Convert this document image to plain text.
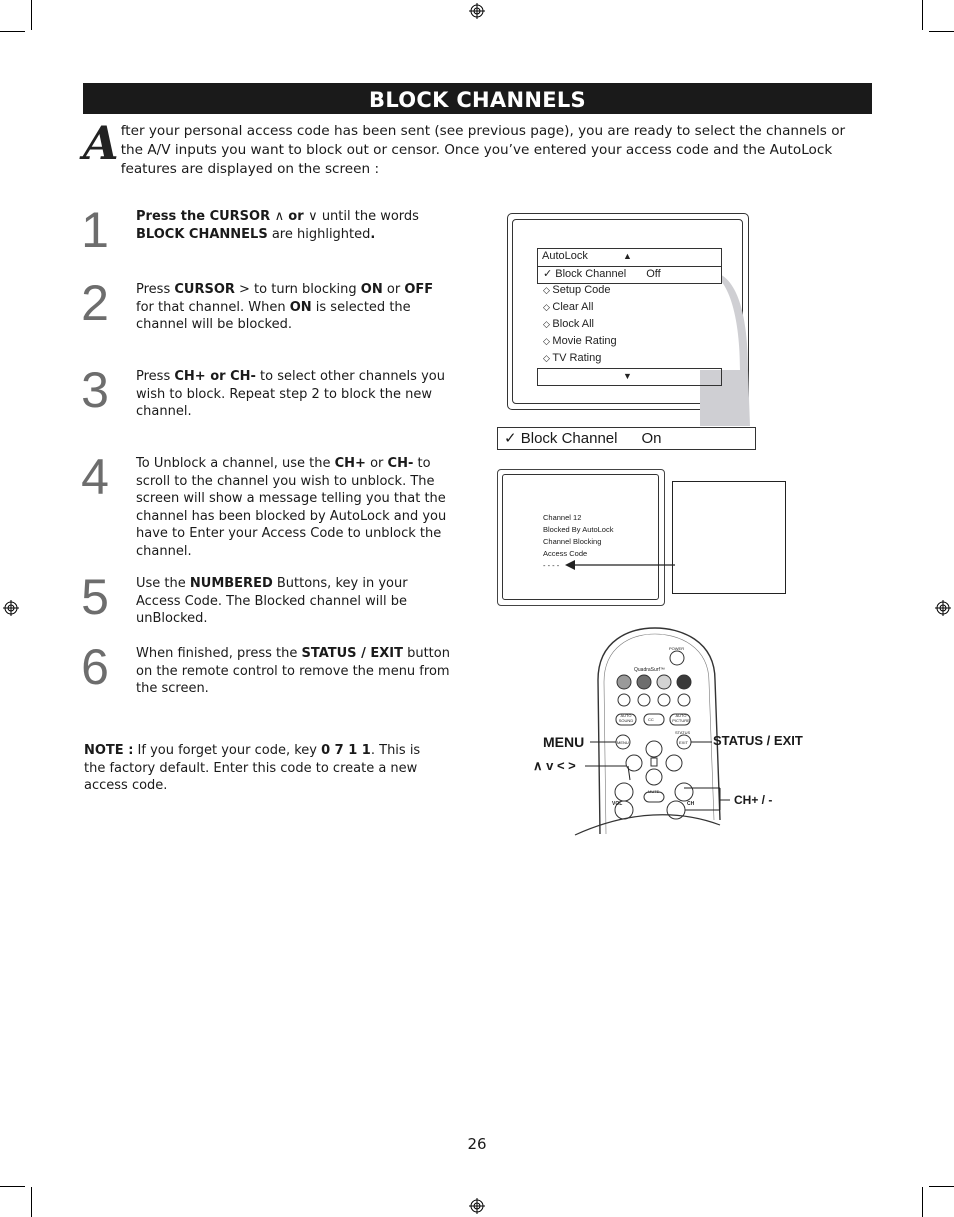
BLOCK CHANNELS
After your personal access code has been sent (see previous page), you are ready to select the channels or the A/V inputs you want to block out or censor. Once you’ve entered your access code and the AutoLock features are displayed on the screen :
1	Press the CURSOR ∧ or ∨ until the words BLOCK CHANNELS are highlighted.
2	Press CURSOR > to turn blocking ON or OFF for that channel. When ON is selected the channel will be blocked.
3	Press CH+ or CH- to select other channels you wish to block. Repeat step 2 to block the new channel.
4	To Unblock a channel, use the CH+ or CH- to scroll to the channel you wish to unblock. The screen will show a message telling you that the channel has been blocked by AutoLock and you have to Enter your Access Code to unblock the channel.
5	Use the NUMBERED Buttons, key in your Access Code. The Blocked channel will be unBlocked.
6	When finished, press the STATUS / EXIT button on the remote control to remove the menu from the screen.
NOTE : If you forget your code, key 0 7 1 1. This is the factory default. Enter this code to create a new access code.
AutoLock	▲
✓ Block Channel Off
◇ Setup Code
◇ Clear All
◇ Block All
◇ Movie Rating
◇ TV Rating
▼
✓ Block Channel On
Channel 12
Blocked By AutoLock
Channel Blocking
Access Code
- - - -
POWER
QuadraSurf™
AUTO SOUND	CC
AUTO PICTURE
STATUS
MENU	EXIT
MUTE
VOL	CH
MENU	STATUS / EXIT
∧ v < >
CH+ / -
26
